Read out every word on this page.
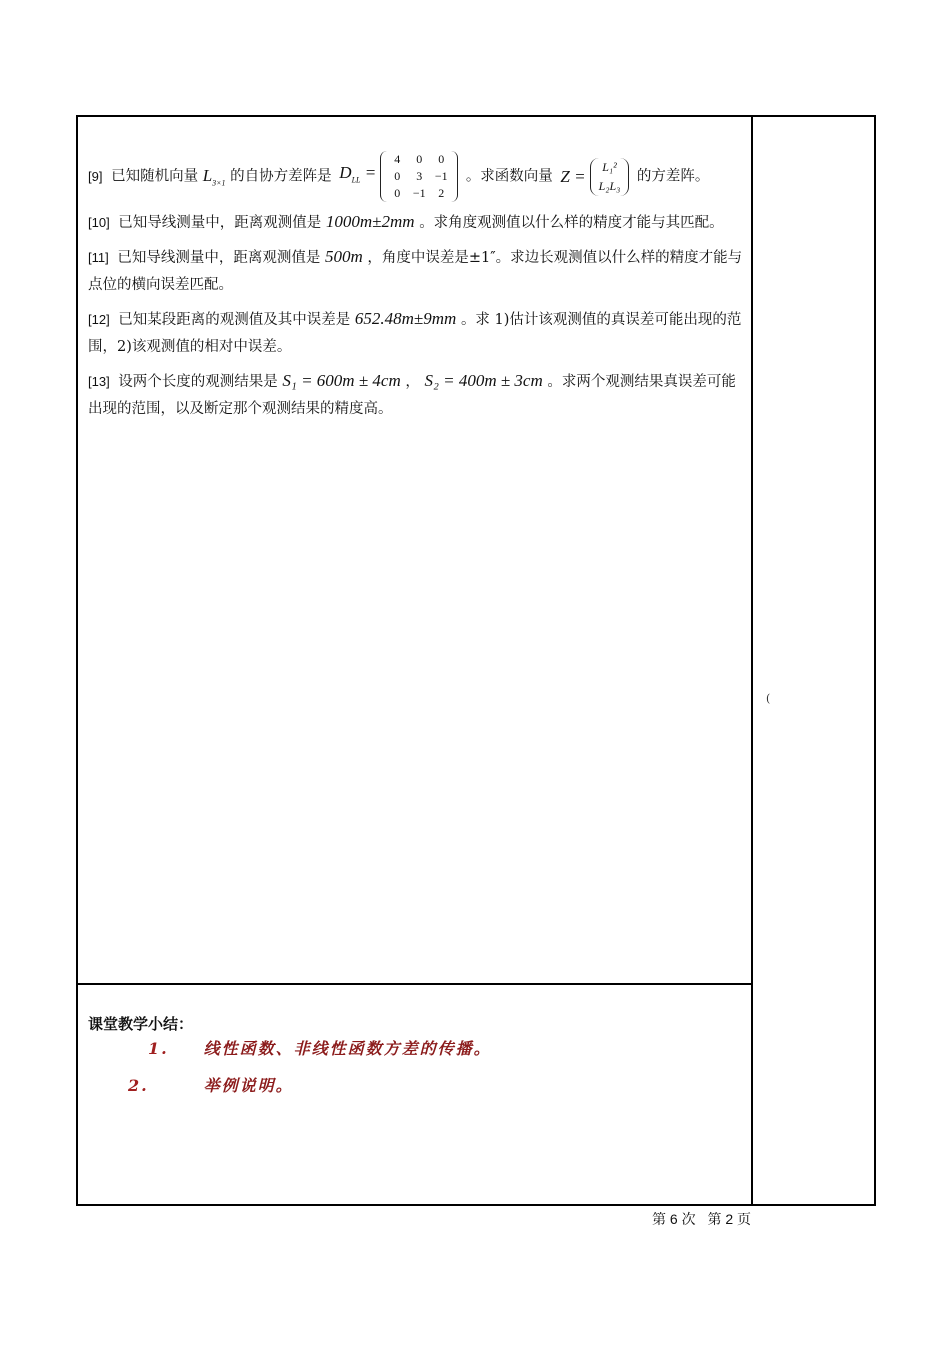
[9] 已知随机向量 $L_{3\times 1}$ 的自协方差阵是 $D_{LL}$ =
4	0	0
0	3	−1
0	−1	2
。求函数向量 Z =
L₁²
L₂L₃
的方差阵。

[10] 已知导线测量中，距离观测值是 1000m±2mm 。求角度观测值以什么样的精度才能与其匹配。

[11] 已知导线测量中，距离观测值是 500m ，角度中误差是±1″。求边长观测值以什么样的精度才能与点位的横向误差匹配。

[12] 已知某段距离的观测值及其中误差是 652.48m±9mm 。求 1)估计该观测值的真误差可能出现的范围，2)该观测值的相对中误差。

[13] 设两个长度的观测结果是 S₁ = 600m ± 4cm ， S₂ = 400m ± 3cm 。求两个观测结果真误差可能出现的范围，以及断定那个观测结果的精度高。

(
课堂教学小结：
1. 线性函数、非线性函数方差的传播。
2.	举例说明。
第 6 次 第 2 页
